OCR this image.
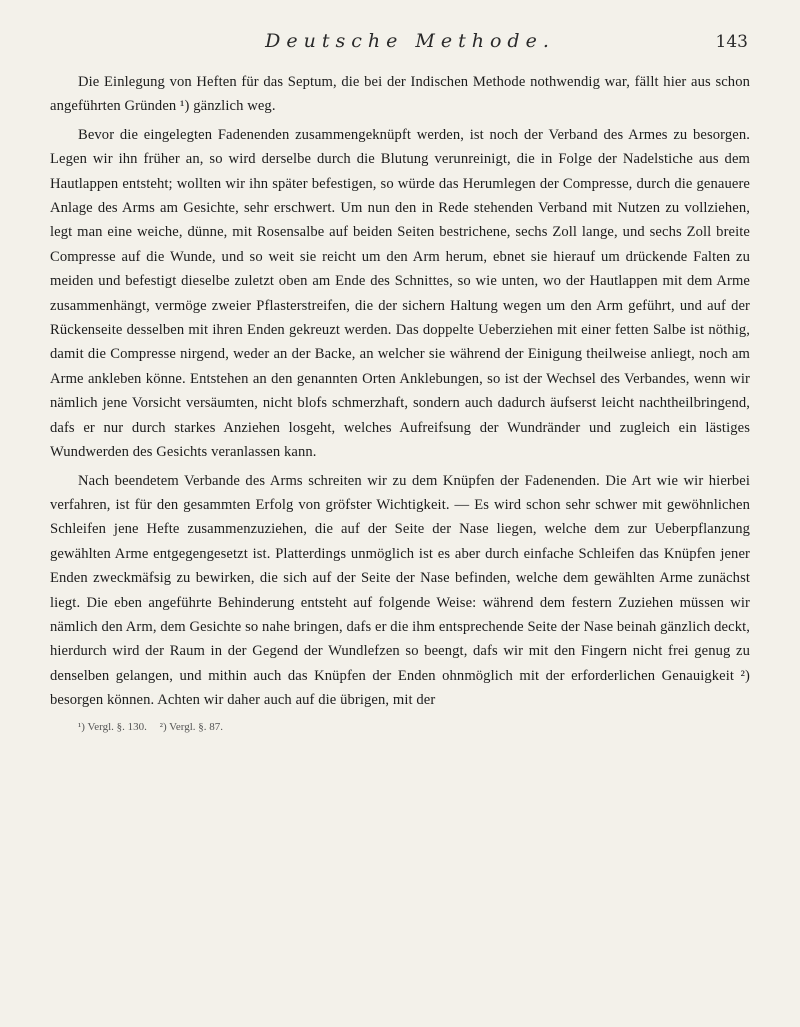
Deutsche Methode.	143

Die Einlegung von Heften für das Septum, die bei der Indischen Methode nothwendig war, fällt hier aus schon angeführten Gründen ¹) gänzlich weg.

Bevor die eingelegten Fadenenden zusammengeknüpft werden, ist noch der Verband des Armes zu besorgen. Legen wir ihn früher an, so wird derselbe durch die Blutung verunreinigt, die in Folge der Nadelstiche aus dem Hautlappen entsteht; wollten wir ihn später befestigen, so würde das Herumlegen der Compresse, durch die genauere Anlage des Arms am Gesichte, sehr erschwert. Um nun den in Rede stehenden Verband mit Nutzen zu vollziehen, legt man eine weiche, dünne, mit Rosensalbe auf beiden Seiten bestrichene, sechs Zoll lange, und sechs Zoll breite Compresse auf die Wunde, und so weit sie reicht um den Arm herum, ebnet sie hierauf um drückende Falten zu meiden und befestigt dieselbe zuletzt oben am Ende des Schnittes, so wie unten, wo der Hautlappen mit dem Arme zusammenhängt, vermöge zweier Pflasterstreifen, die der sichern Haltung wegen um den Arm geführt, und auf der Rückenseite desselben mit ihren Enden gekreuzt werden. Das doppelte Ueberziehen mit einer fetten Salbe ist nöthig, damit die Compresse nirgend, weder an der Backe, an welcher sie während der Einigung theilweise anliegt, noch am Arme ankleben könne. Entstehen an den genannten Orten Anklebungen, so ist der Wechsel des Verbandes, wenn wir nämlich jene Vorsicht versäumten, nicht blofs schmerzhaft, sondern auch dadurch äufserst leicht nachtheilbringend, dafs er nur durch starkes Anziehen losgeht, welches Aufreifsung der Wundränder und zugleich ein lästiges Wundwerden des Gesichts veranlassen kann.

Nach beendetem Verbande des Arms schreiten wir zu dem Knüpfen der Fadenenden. Die Art wie wir hierbei verfahren, ist für den gesammten Erfolg von gröfster Wichtigkeit. — Es wird schon sehr schwer mit gewöhnlichen Schleifen jene Hefte zusammenzuziehen, die auf der Seite der Nase liegen, welche dem zur Ueberpflanzung gewählten Arme entgegengesetzt ist. Platterdings unmöglich ist es aber durch einfache Schleifen das Knüpfen jener Enden zweckmäfsig zu bewirken, die sich auf der Seite der Nase befinden, welche dem gewählten Arme zunächst liegt. Die eben angeführte Behinderung entsteht auf folgende Weise: während dem festern Zuziehen müssen wir nämlich den Arm, dem Gesichte so nahe bringen, dafs er die ihm entsprechende Seite der Nase beinah gänzlich deckt, hierdurch wird der Raum in der Gegend der Wundlefzen so beengt, dafs wir mit den Fingern nicht frei genug zu denselben gelangen, und mithin auch das Knüpfen der Enden ohnmöglich mit der erforderlichen Genauigkeit ²) besorgen können. Achten wir daher auch auf die übrigen, mit der

¹) Vergl. §. 130. ²) Vergl. §. 87.
